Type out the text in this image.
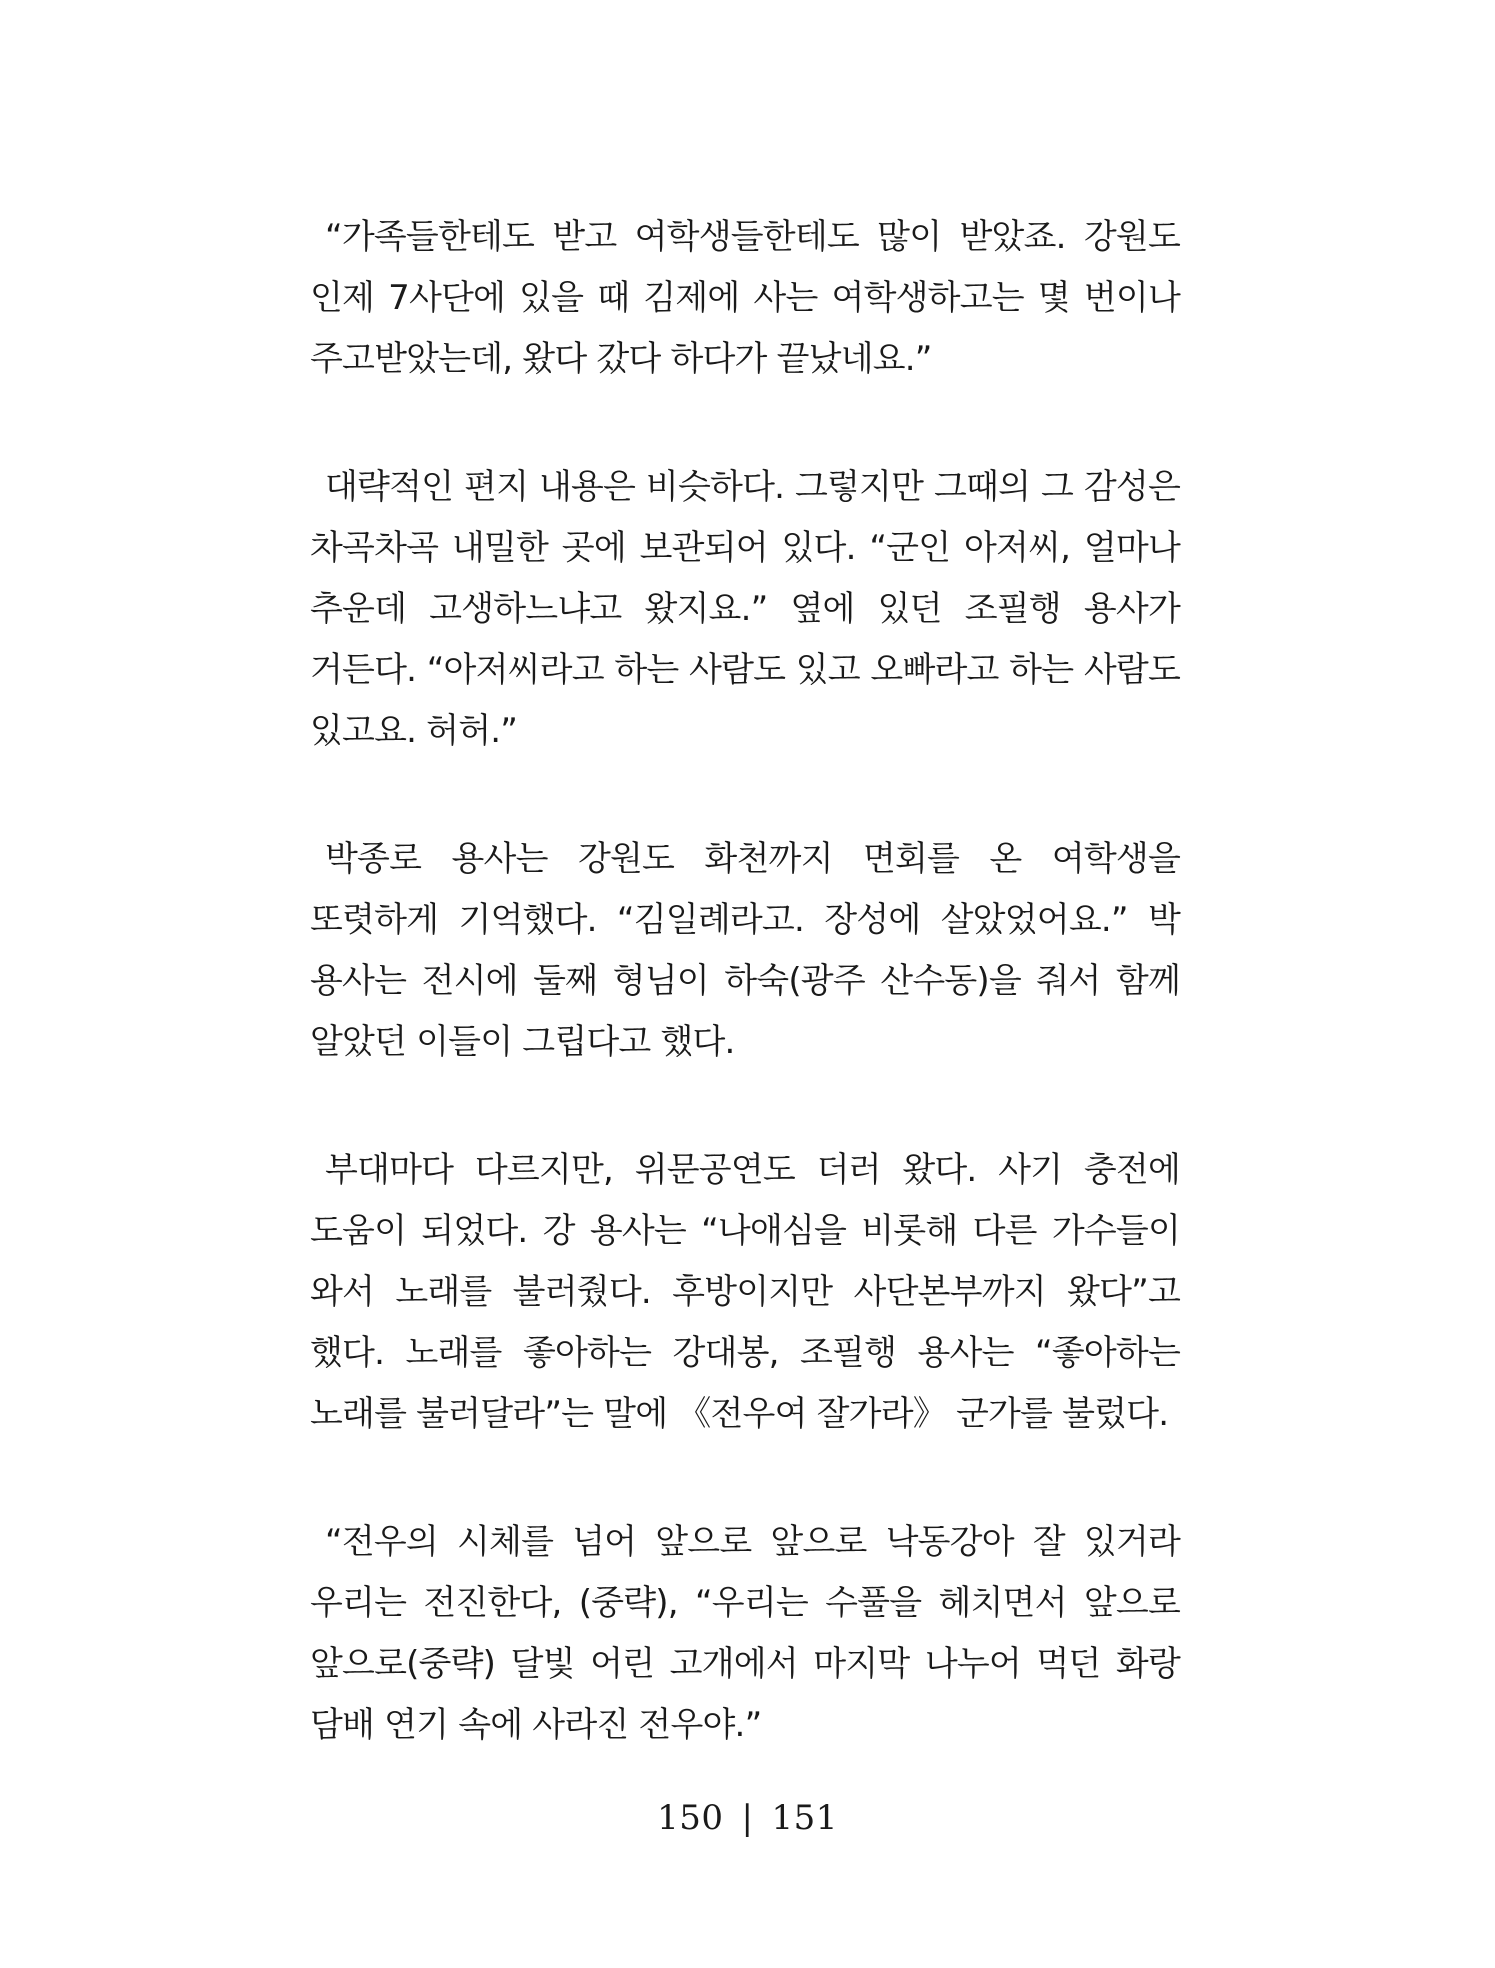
“가족들한테도 받고 여학생들한테도 많이 받았죠. 강원도 인제 7사단에 있을 때 김제에 사는 여학생하고는 몇 번이나 주고받았는데, 왔다 갔다 하다가 끝났네요.”

대략적인 편지 내용은 비슷하다. 그렇지만 그때의 그 감성은 차곡차곡 내밀한 곳에 보관되어 있다. “군인 아저씨, 얼마나 추운데 고생하느냐고 왔지요.” 옆에 있던 조필행 용사가 거든다. “아저씨라고 하는 사람도 있고 오빠라고 하는 사람도 있고요. 허허.”

박종로 용사는 강원도 화천까지 면회를 온 여학생을 또렷하게 기억했다. “김일례라고. 장성에 살았었어요.” 박 용사는 전시에 둘째 형님이 하숙(광주 산수동)을 줘서 함께 알았던 이들이 그립다고 했다.

부대마다 다르지만, 위문공연도 더러 왔다. 사기 충전에 도움이 되었다. 강 용사는 “나애심을 비롯해 다른 가수들이 와서 노래를 불러줬다. 후방이지만 사단본부까지 왔다”고 했다. 노래를 좋아하는 강대봉, 조필행 용사는 “좋아하는 노래를 불러달라”는 말에 《전우여 잘가라》 군가를 불렀다.

“전우의 시체를 넘어 앞으로 앞으로 낙동강아 잘 있거라 우리는 전진한다, (중략), “우리는 수풀을 헤치면서 앞으로 앞으로(중략) 달빛 어린 고개에서 마지막 나누어 먹던 화랑 담배 연기 속에 사라진 전우야.”

150 | 151
